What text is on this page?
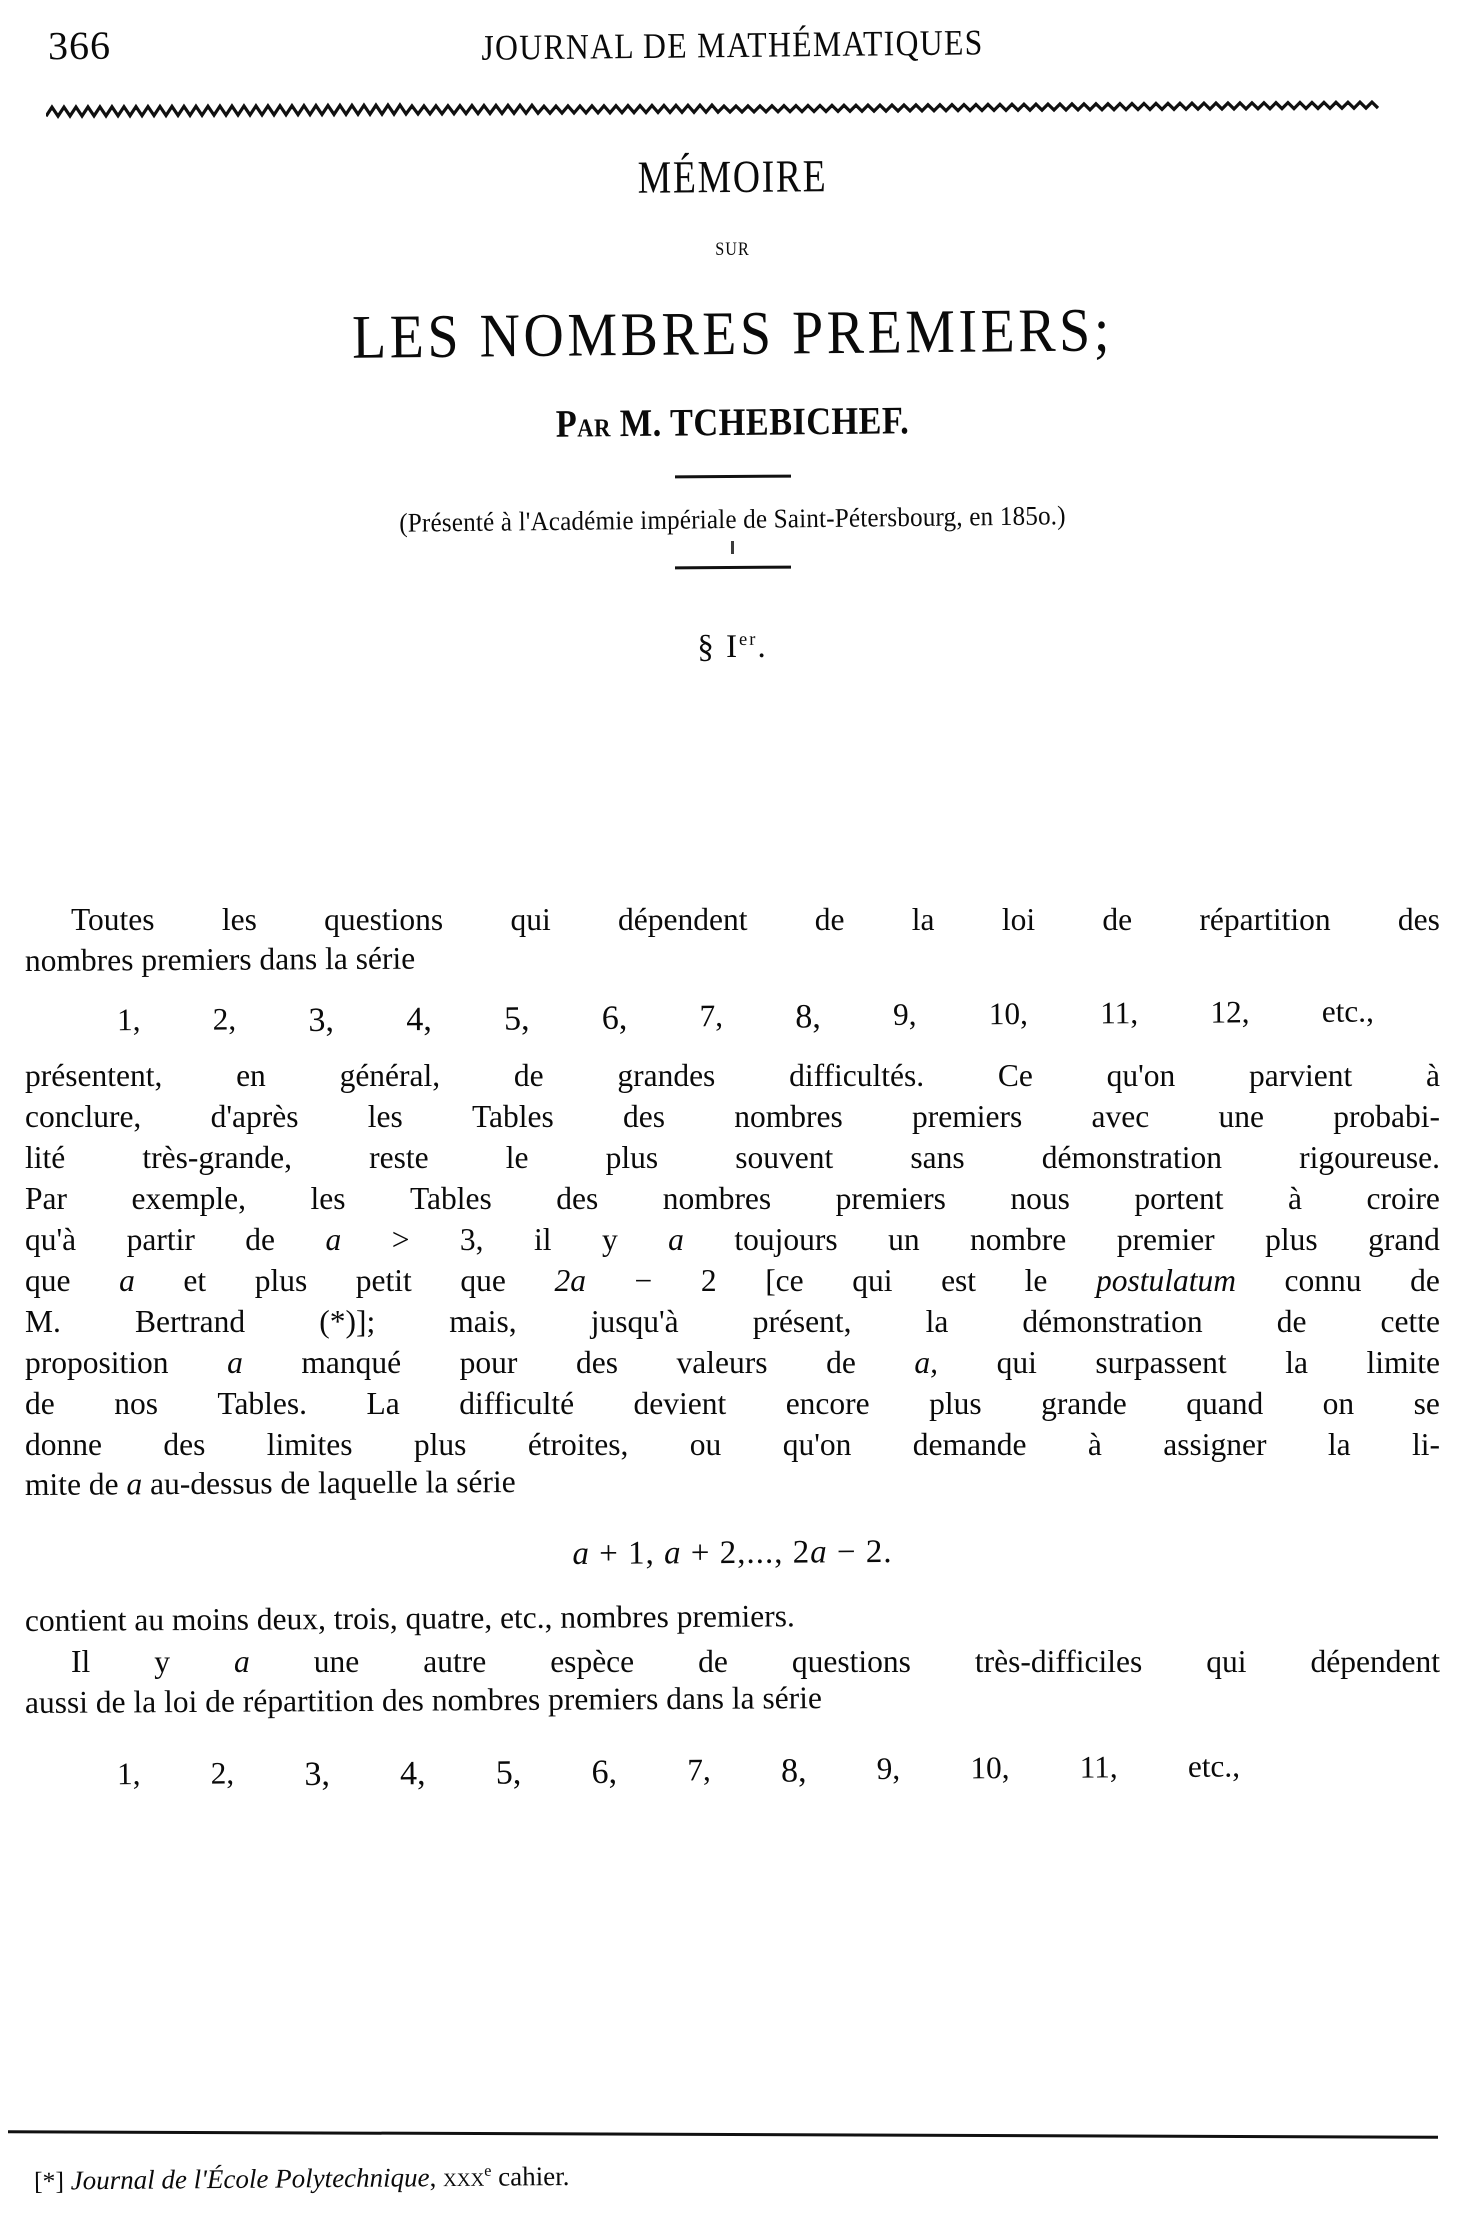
366	JOURNAL DE MATHÉMATIQUES
MÉMOIRE
SUR
LES NOMBRES PREMIERS;
PAR M. TCHEBICHEF.
(Présenté à l'Académie impériale de Saint-Pétersbourg, en 185o.)
§ Ier.
Toutes les questions qui dépendent de la loi de répartition des
nombres premiers dans la série
1, 2, 3, 4, 5, 6, 7, 8, 9, 10, 11, 12, etc.,
présentent, en général, de grandes difficultés. Ce qu'on parvient à
conclure, d'après les Tables des nombres premiers avec une probabi-
lité très-grande, reste le plus souvent sans démonstration rigoureuse.
Par exemple, les Tables des nombres premiers nous portent à croire
qu'à partir de a > 3, il y a toujours un nombre premier plus grand
que a et plus petit que 2a − 2 [ce qui est le postulatum connu de
M. Bertrand (*)]; mais, jusqu'à présent, la démonstration de cette
proposition a manqué pour des valeurs de a, qui surpassent la limite
de nos Tables. La difficulté devient encore plus grande quand on se
donne des limites plus étroites, ou qu'on demande à assigner la li-
mite de a au-dessus de laquelle la série
a + 1, a + 2,..., 2a − 2.
contient au moins deux, trois, quatre, etc., nombres premiers.
Il y a une autre espèce de questions très-difficiles qui dépendent
aussi de la loi de répartition des nombres premiers dans la série
1, 2, 3, 4, 5, 6, 7, 8, 9, 10, 11, etc.,
[*] Journal de l'École Polytechnique, xxx$^e$ cahier.
